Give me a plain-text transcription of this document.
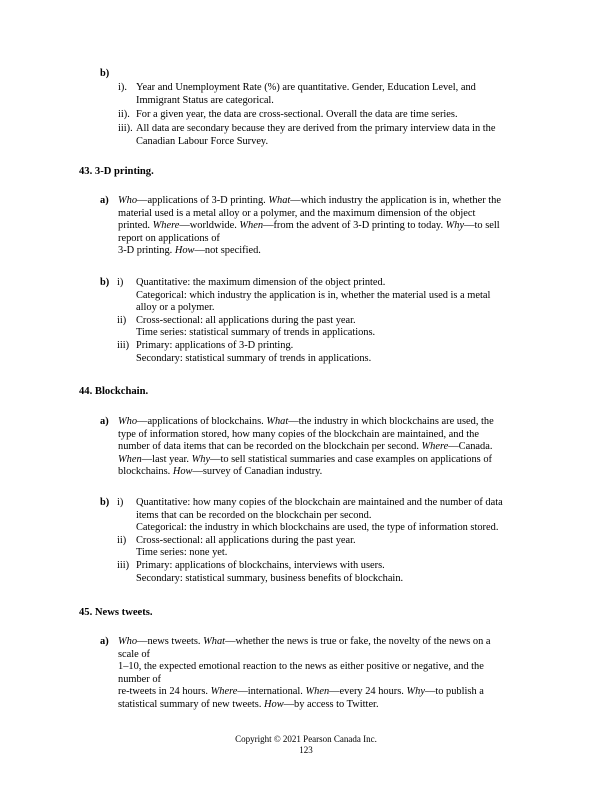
b)
43. 3-D printing.
a)
b)
44. Blockchain.
a)
b)
45. News tweets.
a)
Copyright © 2021 Pearson Canada Inc.
123
Who—applications of 3-D printing. What—which industry the application is in, whether the
material used is a metal alloy or a polymer, and the maximum dimension of the object
printed. Where—worldwide. When—from the advent of 3-D printing to today. Why—to sell
report on applications of
3-D printing. How—not specified.
Who—applications of blockchains. What—the industry in which blockchains are used, the
type of information stored, how many copies of the blockchain are maintained, and the
number of data items that can be recorded on the blockchain per second. Where—Canada.
When—last year. Why—to sell statistical summaries and case examples on applications of
blockchains. How—survey of Canadian industry.
Who—news tweets. What—whether the news is true or fake, the novelty of the news on a
scale of
1–10, the expected emotional reaction to the news as either positive or negative, and the
number of
re-tweets in 24 hours. Where—international. When—every 24 hours. Why—to publish a
statistical summary of new tweets. How—by access to Twitter.
i). Year and Unemployment Rate (%) are quantitative. Gender, Education Level, and
Immigrant Status are categorical.
ii). For a given year, the data are cross-sectional. Overall the data are time series.
iii). All data are secondary because they are derived from the primary interview data in the
Canadian Labour Force Survey.
i) Quantitative: the maximum dimension of the object printed.
Categorical: which industry the application is in, whether the material used is a metal
alloy or a polymer.
ii) Cross-sectional: all applications during the past year.
Time series: statistical summary of trends in applications.
iii) Primary: applications of 3-D printing.
Secondary: statistical summary of trends in applications.
i) Quantitative: how many copies of the blockchain are maintained and the number of data
items that can be recorded on the blockchain per second.
Categorical: the industry in which blockchains are used, the type of information stored.
ii) Cross-sectional: all applications during the past year.
Time series: none yet.
iii) Primary: applications of blockchains, interviews with users.
Secondary: statistical summary, business benefits of blockchain.
